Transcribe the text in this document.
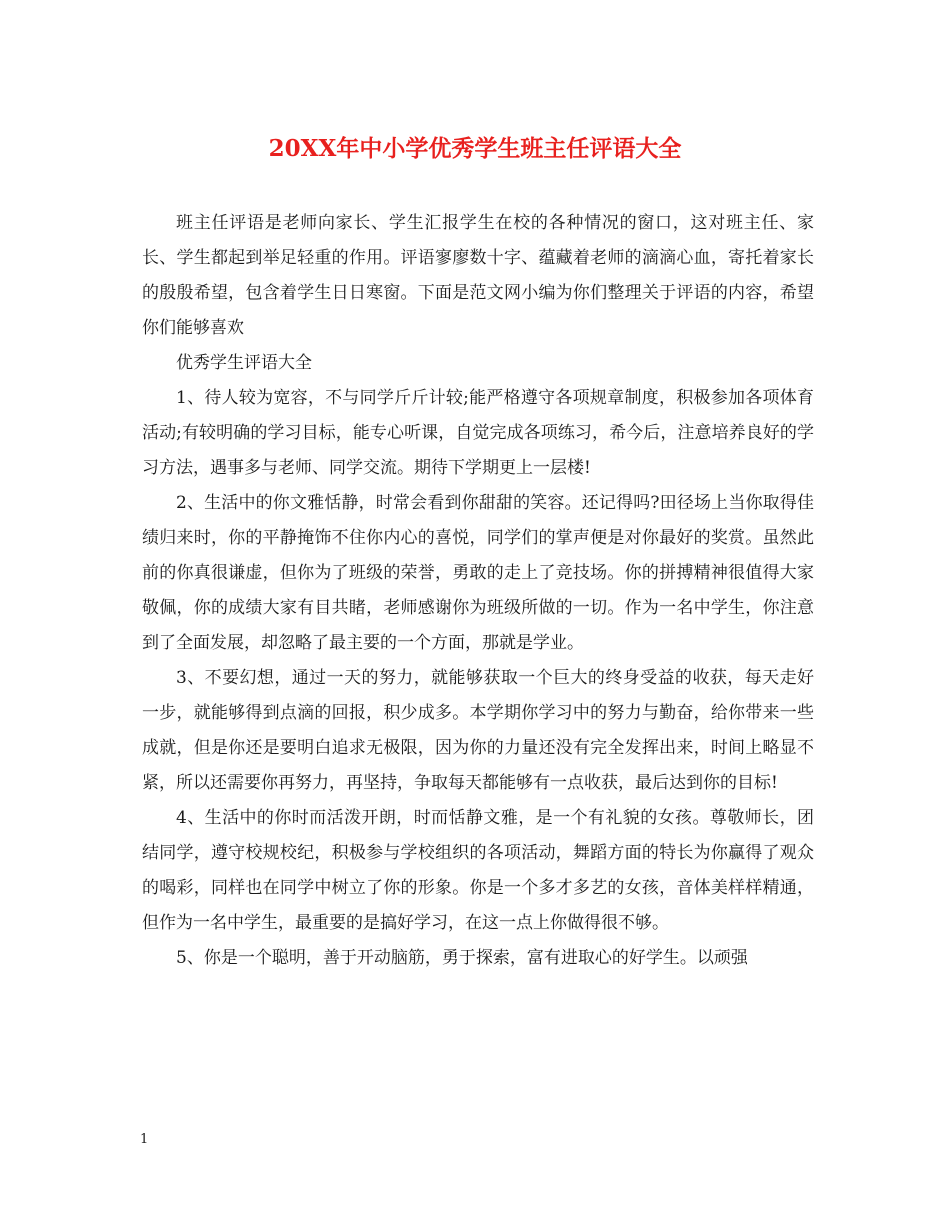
20XX年中小学优秀学生班主任评语大全

班主任评语是老师向家长、学生汇报学生在校的各种情况的窗口，这对班主任、家长、学生都起到举足轻重的作用。评语寥廖数十字、蕴藏着老师的滴滴心血，寄托着家长的殷殷希望，包含着学生日日寒窗。下面是范文网小编为你们整理关于评语的内容，希望你们能够喜欢

优秀学生评语大全

1、待人较为宽容，不与同学斤斤计较;能严格遵守各项规章制度，积极参加各项体育活动;有较明确的学习目标，能专心听课，自觉完成各项练习，希今后，注意培养良好的学习方法，遇事多与老师、同学交流。期待下学期更上一层楼!

2、生活中的你文雅恬静，时常会看到你甜甜的笑容。还记得吗?田径场上当你取得佳绩归来时，你的平静掩饰不住你内心的喜悦，同学们的掌声便是对你最好的奖赏。虽然此前的你真很谦虚，但你为了班级的荣誉，勇敢的走上了竞技场。你的拼搏精神很值得大家敬佩，你的成绩大家有目共睹，老师感谢你为班级所做的一切。作为一名中学生，你注意到了全面发展，却忽略了最主要的一个方面，那就是学业。

3、不要幻想，通过一天的努力，就能够获取一个巨大的终身受益的收获，每天走好一步，就能够得到点滴的回报，积少成多。本学期你学习中的努力与勤奋，给你带来一些成就，但是你还是要明白追求无极限，因为你的力量还没有完全发挥出来，时间上略显不紧，所以还需要你再努力，再坚持，争取每天都能够有一点收获，最后达到你的目标!

4、生活中的你时而活泼开朗，时而恬静文雅，是一个有礼貌的女孩。尊敬师长，团结同学，遵守校规校纪，积极参与学校组织的各项活动，舞蹈方面的特长为你赢得了观众的喝彩，同样也在同学中树立了你的形象。你是一个多才多艺的女孩，音体美样样精通，但作为一名中学生，最重要的是搞好学习，在这一点上你做得很不够。

5、你是一个聪明，善于开动脑筋，勇于探索，富有进取心的好学生。以顽强

1
